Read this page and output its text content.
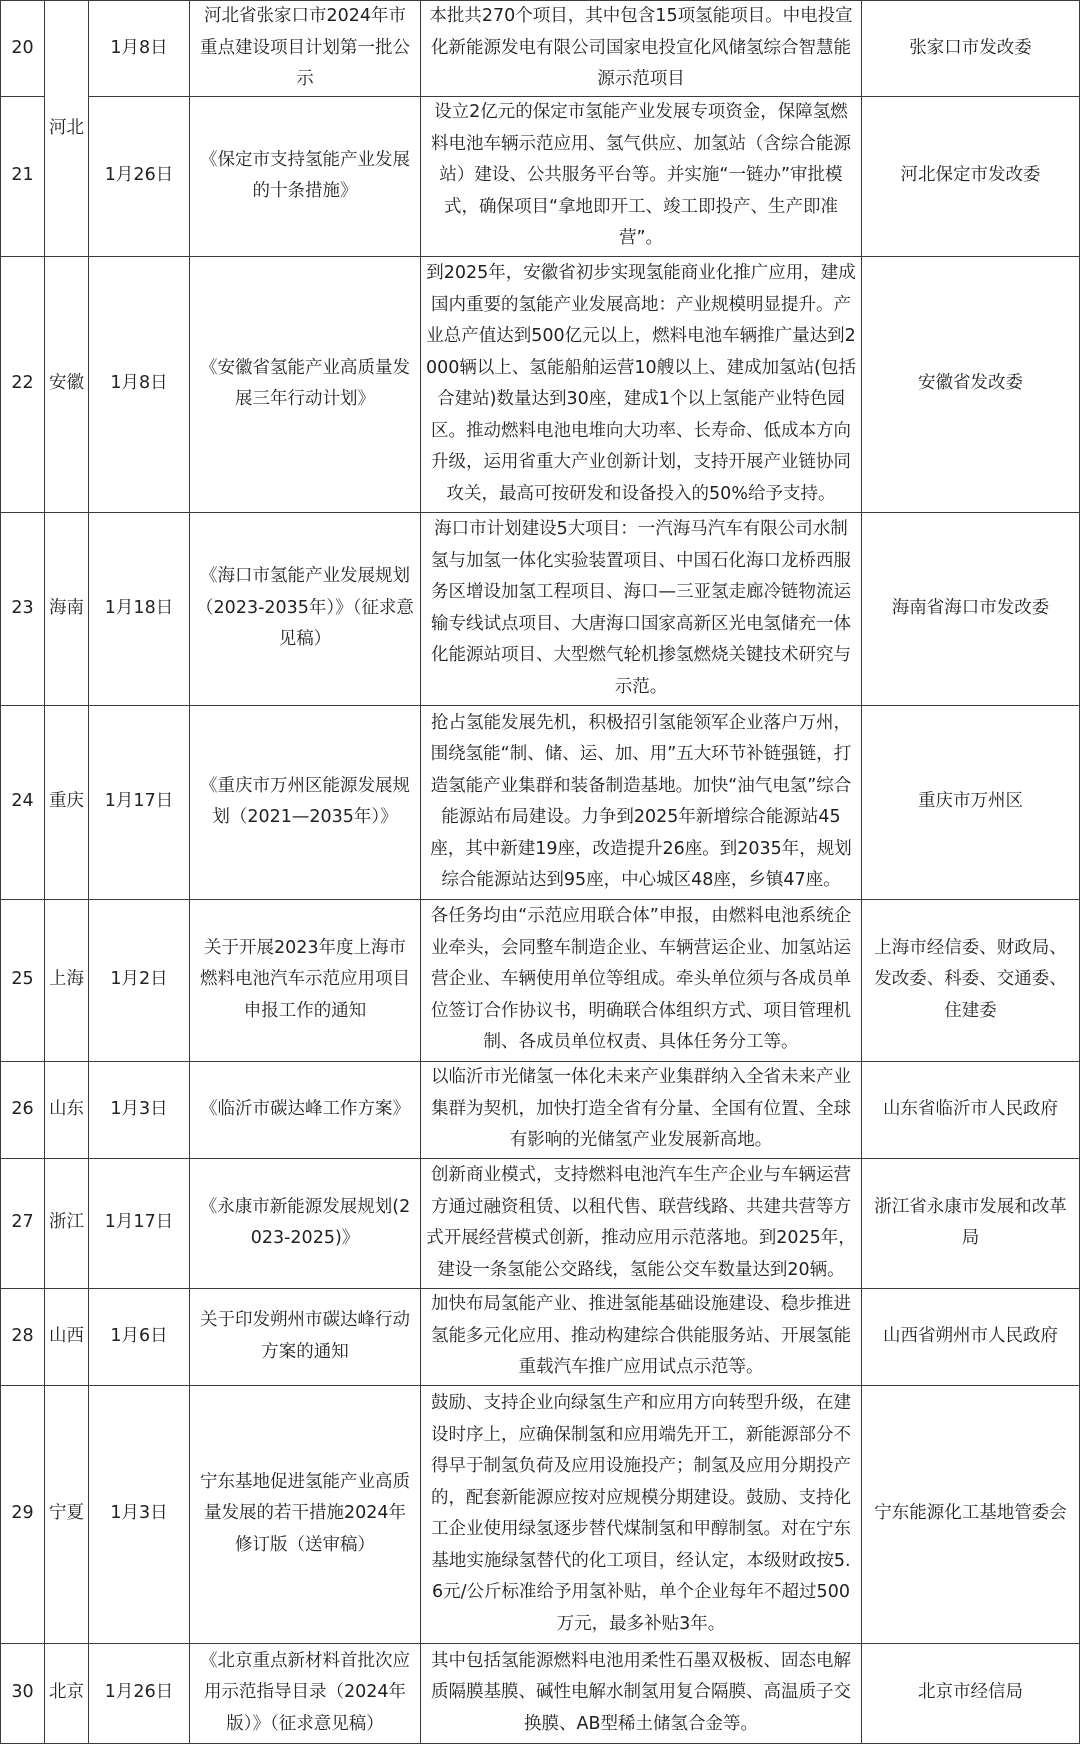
20	河北	1月8日	河北省张家口市2024年市重点建设项目计划第一批公示	本批共270个项目，其中包含15项氢能项目。中电投宣化新能源发电有限公司国家电投宣化风储氢综合智慧能源示范项目	张家口市发改委
21		1月26日	《保定市支持氢能产业发展的十条措施》	设立2亿元的保定市氢能产业发展专项资金，保障氢燃料电池车辆示范应用、氢气供应、加氢站（含综合能源站）建设、公共服务平台等。并实施“一链办”审批模式，确保项目“拿地即开工、竣工即投产、生产即准营”。	河北保定市发改委
22	安徽	1月8日	《安徽省氢能产业高质量发展三年行动计划》	到2025年，安徽省初步实现氢能商业化推广应用，建成国内重要的氢能产业发展高地：产业规模明显提升。产业总产值达到500亿元以上，燃料电池车辆推广量达到2000辆以上、氢能船舶运营10艘以上、建成加氢站(包括合建站)数量达到30座，建成1个以上氢能产业特色园区。推动燃料电池电堆向大功率、长寿命、低成本方向升级，运用省重大产业创新计划，支持开展产业链协同攻关，最高可按研发和设备投入的50%给予支持。	安徽省发改委
23	海南	1月18日	《海口市氢能产业发展规划（2023-2035年）》（征求意见稿）	海口市计划建设5大项目：一汽海马汽车有限公司水制氢与加氢一体化实验装置项目、中国石化海口龙桥西服务区增设加氢工程项目、海口—三亚氢走廊冷链物流运输专线试点项目、大唐海口国家高新区光电氢储充一体化能源站项目、大型燃气轮机掺氢燃烧关键技术研究与示范。	海南省海口市发改委
24	重庆	1月17日	《重庆市万州区能源发展规划（2021—2035年）》	抢占氢能发展先机，积极招引氢能领军企业落户万州，围绕氢能“制、储、运、加、用”五大环节补链强链，打造氢能产业集群和装备制造基地。加快“油气电氢”综合能源站布局建设。力争到2025年新增综合能源站45座，其中新建19座，改造提升26座。到2035年，规划综合能源站达到95座，中心城区48座，乡镇47座。	重庆市万州区
25	上海	1月2日	关于开展2023年度上海市燃料电池汽车示范应用项目申报工作的通知	各任务均由“示范应用联合体”申报，由燃料电池系统企业牵头，会同整车制造企业、车辆营运企业、加氢站运营企业、车辆使用单位等组成。牵头单位须与各成员单位签订合作协议书，明确联合体组织方式、项目管理机制、各成员单位权责、具体任务分工等。	上海市经信委、财政局、发改委、科委、交通委、住建委
26	山东	1月3日	《临沂市碳达峰工作方案》	以临沂市光储氢一体化未来产业集群纳入全省未来产业集群为契机，加快打造全省有分量、全国有位置、全球有影响的光储氢产业发展新高地。	山东省临沂市人民政府
27	浙江	1月17日	《永康市新能源发展规划(2023-2025)》	创新商业模式，支持燃料电池汽车生产企业与车辆运营方通过融资租赁、以租代售、联营线路、共建共营等方式开展经营模式创新，推动应用示范落地。到2025年，建设一条氢能公交路线，氢能公交车数量达到20辆。	浙江省永康市发展和改革局
28	山西	1月6日	关于印发朔州市碳达峰行动方案的通知	加快布局氢能产业、推进氢能基础设施建设、稳步推进氢能多元化应用、推动构建综合供能服务站、开展氢能重载汽车推广应用试点示范等。	山西省朔州市人民政府
29	宁夏	1月3日	宁东基地促进氢能产业高质量发展的若干措施2024年修订版（送审稿）	鼓励、支持企业向绿氢生产和应用方向转型升级，在建设时序上，应确保制氢和应用端先开工，新能源部分不得早于制氢负荷及应用设施投产；制氢及应用分期投产的，配套新能源应按对应规模分期建设。鼓励、支持化工企业使用绿氢逐步替代煤制氢和甲醇制氢。对在宁东基地实施绿氢替代的化工项目，经认定，本级财政按5.6元/公斤标准给予用氢补贴，单个企业每年不超过500万元，最多补贴3年。	宁东能源化工基地管委会
30	北京	1月26日	《北京重点新材料首批次应用示范指导目录（2024年版）》（征求意见稿）	其中包括氢能源燃料电池用柔性石墨双极板、固态电解质隔膜基膜、碱性电解水制氢用复合隔膜、高温质子交换膜、AB型稀土储氢合金等。	北京市经信局
